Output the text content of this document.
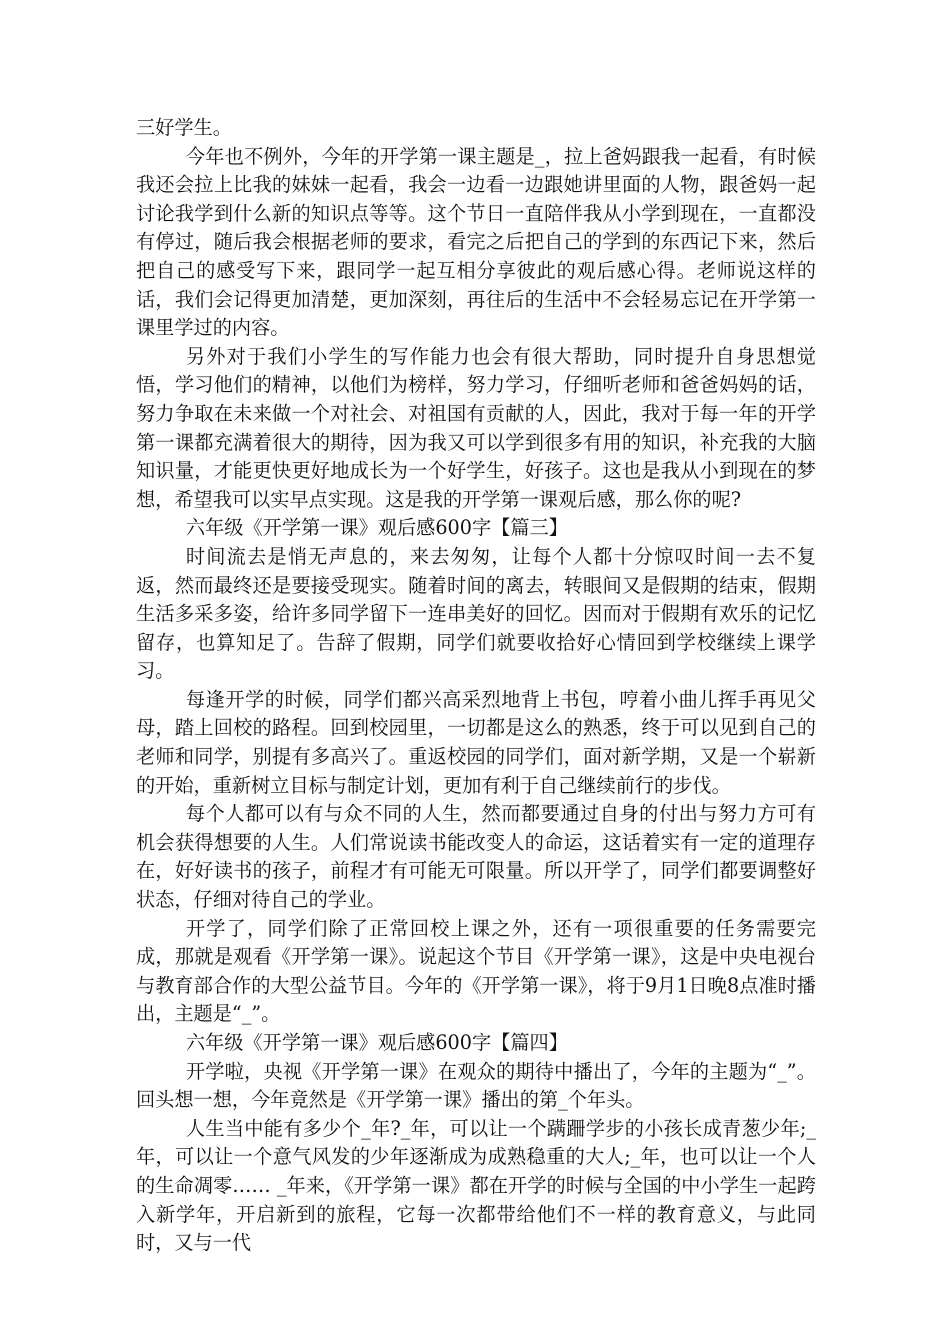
三好学生。

今年也不例外，今年的开学第一课主题是_，拉上爸妈跟我一起看，有时候我还会拉上比我的妹妹一起看，我会一边看一边跟她讲里面的人物，跟爸妈一起讨论我学到什么新的知识点等等。这个节日一直陪伴我从小学到现在，一直都没有停过，随后我会根据老师的要求，看完之后把自己的学到的东西记下来，然后把自己的感受写下来，跟同学一起互相分享彼此的观后感心得。老师说这样的话，我们会记得更加清楚，更加深刻，再往后的生活中不会轻易忘记在开学第一课里学过的内容。

另外对于我们小学生的写作能力也会有很大帮助，同时提升自身思想觉悟，学习他们的精神，以他们为榜样，努力学习，仔细听老师和爸爸妈妈的话，努力争取在未来做一个对社会、对祖国有贡献的人，因此，我对于每一年的开学第一课都充满着很大的期待，因为我又可以学到很多有用的知识，补充我的大脑知识量，才能更快更好地成长为一个好学生，好孩子。这也是我从小到现在的梦想，希望我可以实早点实现。这是我的开学第一课观后感，那么你的呢?

六年级《开学第一课》观后感600字【篇三】

时间流去是悄无声息的，来去匆匆，让每个人都十分惊叹时间一去不复返，然而最终还是要接受现实。随着时间的离去，转眼间又是假期的结束，假期生活多采多姿，给许多同学留下一连串美好的回忆。因而对于假期有欢乐的记忆留存，也算知足了。告辞了假期，同学们就要收拾好心情回到学校继续上课学习。

每逢开学的时候，同学们都兴高采烈地背上书包，哼着小曲儿挥手再见父母，踏上回校的路程。回到校园里，一切都是这么的熟悉，终于可以见到自己的老师和同学，别提有多高兴了。重返校园的同学们，面对新学期，又是一个崭新的开始，重新树立目标与制定计划，更加有利于自己继续前行的步伐。

每个人都可以有与众不同的人生，然而都要通过自身的付出与努力方可有机会获得想要的人生。人们常说读书能改变人的命运，这话着实有一定的道理存在，好好读书的孩子，前程才有可能无可限量。所以开学了，同学们都要调整好状态，仔细对待自己的学业。

开学了，同学们除了正常回校上课之外，还有一项很重要的任务需要完成，那就是观看《开学第一课》。说起这个节目《开学第一课》，这是中央电视台与教育部合作的大型公益节目。今年的《开学第一课》，将于9月1日晚8点准时播出，主题是“_”。

六年级《开学第一课》观后感600字【篇四】

开学啦，央视《开学第一课》在观众的期待中播出了，今年的主题为“_”。回头想一想，今年竟然是《开学第一课》播出的第_个年头。

人生当中能有多少个_年?_年，可以让一个蹒跚学步的小孩长成青葱少年;_年，可以让一个意气风发的少年逐渐成为成熟稳重的大人;_年，也可以让一个人的生命凋零…… _年来，《开学第一课》都在开学的时候与全国的中小学生一起跨入新学年，开启新到的旅程，它每一次都带给他们不一样的教育意义，与此同时，又与一代
